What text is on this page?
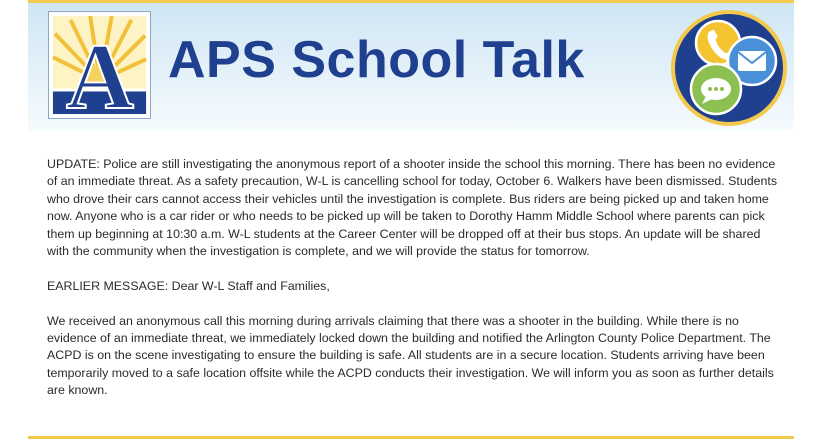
A APS School Talk

UPDATE: Police are still investigating the anonymous report of a shooter inside the school this morning. There has been no evidence of an immediate threat. As a safety precaution, W-L is cancelling school for today, October 6. Walkers have been dismissed. Students who drove their cars cannot access their vehicles until the investigation is complete. Bus riders are being picked up and taken home now. Anyone who is a car rider or who needs to be picked up will be taken to Dorothy Hamm Middle School where parents can pick them up beginning at 10:30 a.m. W-L students at the Career Center will be dropped off at their bus stops. An update will be shared with the community when the investigation is complete, and we will provide the status for tomorrow.

EARLIER MESSAGE: Dear W-L Staff and Families,

We received an anonymous call this morning during arrivals claiming that there was a shooter in the building. While there is no evidence of an immediate threat, we immediately locked down the building and notified the Arlington County Police Department. The ACPD is on the scene investigating to ensure the building is safe. All students are in a secure location. Students arriving have been temporarily moved to a safe location offsite while the ACPD conducts their investigation. We will inform you as soon as further details are known.
